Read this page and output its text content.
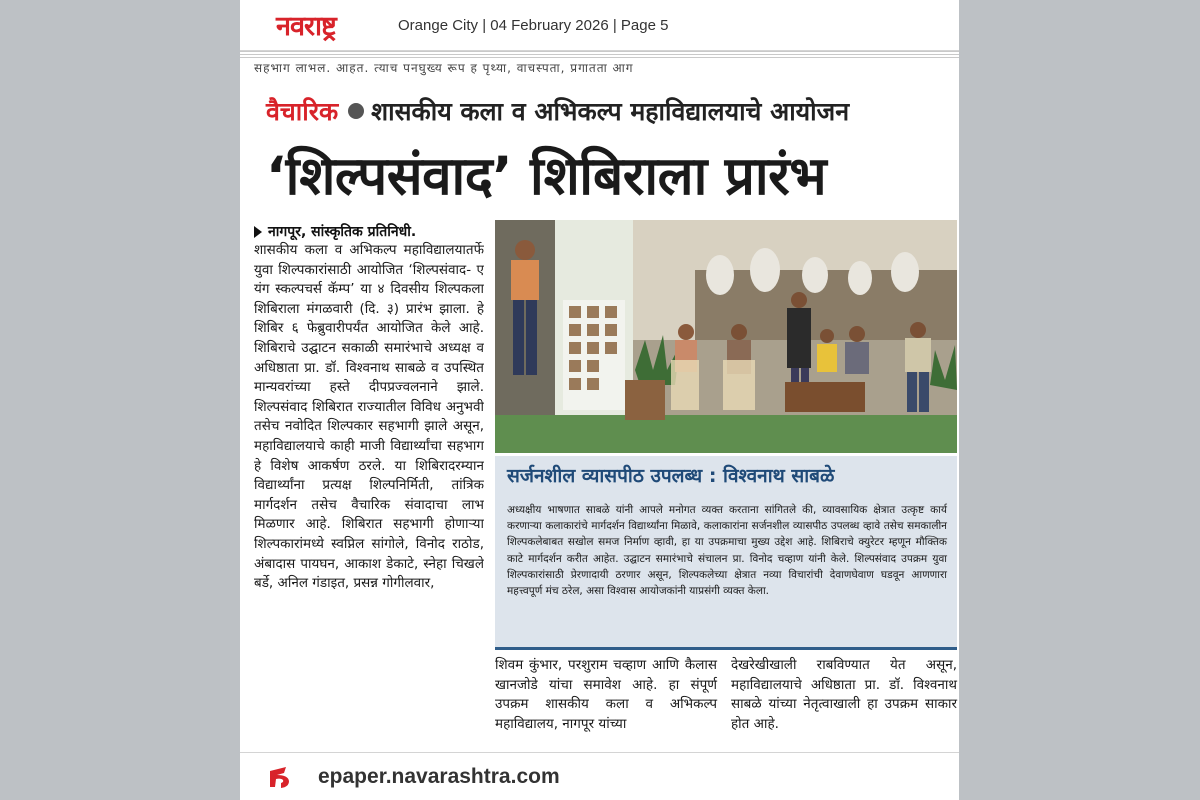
नवराष्ट्र	Orange City | 04 February 2026 | Page 5
सहभाग लाभल. आहत. त्याच पनघुख्य रूप ह पृथ्या, वाचस्पता, प्रगातता आग
वैचारिक शासकीय कला व अभिकल्प महाविद्यालयाचे आयोजन
‘शिल्पसंवाद’ शिबिराला प्रारंभ
नागपूर, सांस्कृतिक प्रतिनिधी.
शासकीय कला व अभिकल्प महाविद्यालयातर्फे युवा शिल्पकारांसाठी आयोजित ‘शिल्पसंवाद- ए यंग स्कल्पचर्स कॅम्प’ या ४ दिवसीय शिल्पकला शिबिराला मंगळवारी (दि. ३) प्रारंभ झाला. हे शिबिर ६ फेब्रुवारीपर्यंत आयोजित केले आहे. शिबिराचे उद्घाटन सकाळी समारंभाचे अध्यक्ष व अधिष्ठाता प्रा. डॉ. विश्वनाथ साबळे व उपस्थित मान्यवरांच्या हस्ते दीपप्रज्वलनाने झाले. शिल्पसंवाद शिबिरात राज्यातील विविध अनुभवी तसेच नवोदित शिल्पकार सहभागी झाले असून, महाविद्यालयाचे काही माजी विद्यार्थ्यांचा सहभाग हे विशेष आकर्षण ठरले. या शिबिरादरम्यान विद्यार्थ्यांना प्रत्यक्ष शिल्पनिर्मिती, तांत्रिक मार्गदर्शन तसेच वैचारिक संवादाचा लाभ मिळणार आहे. शिबिरात सहभागी होणाऱ्या शिल्पकारांमध्ये स्वप्निल सांगोले, विनोद राठोड, अंबादास पायघन, आकाश डेकाटे, स्नेहा चिखले बर्डे, अनिल गंडाइत, प्रसन्न गोगीलवार,
सर्जनशील व्यासपीठ उपलब्ध : विश्वनाथ साबळे
अध्यक्षीय भाषणात साबळे यांनी आपले मनोगत व्यक्त करताना सांगितले की, व्यावसायिक क्षेत्रात उत्कृष्ट कार्य करणाऱ्या कलाकारांचे मार्गदर्शन विद्यार्थ्यांना मिळावे, कलाकारांना सर्जनशील व्यासपीठ उपलब्ध व्हावे तसेच समकालीन शिल्पकलेबाबत सखोल समज निर्माण व्हावी, हा या उपक्रमाचा मुख्य उद्देश आहे. शिबिराचे क्युरेटर म्हणून मौक्तिक काटे मार्गदर्शन करीत आहेत. उद्घाटन समारंभाचे संचालन प्रा. विनोद चव्हाण यांनी केले. शिल्पसंवाद उपक्रम युवा शिल्पकारांसाठी प्रेरणादायी ठरणार असून, शिल्पकलेच्या क्षेत्रात नव्या विचारांची देवाणघेवाण घडवून आणणारा महत्त्वपूर्ण मंच ठरेल, असा विश्वास आयोजकांनी याप्रसंगी व्यक्त केला.
शिवम कुंभार, परशुराम चव्हाण आणि कैलास खानजोडे यांचा समावेश आहे. हा संपूर्ण उपक्रम शासकीय कला व अभिकल्प महाविद्यालय, नागपूर यांच्या
देखरेखीखाली राबविण्यात येत असून, महाविद्यालयाचे अधिष्ठाता प्रा. डॉ. विश्वनाथ साबळे यांच्या नेतृत्वाखाली हा उपक्रम साकार होत आहे.
epaper.navarashtra.com
